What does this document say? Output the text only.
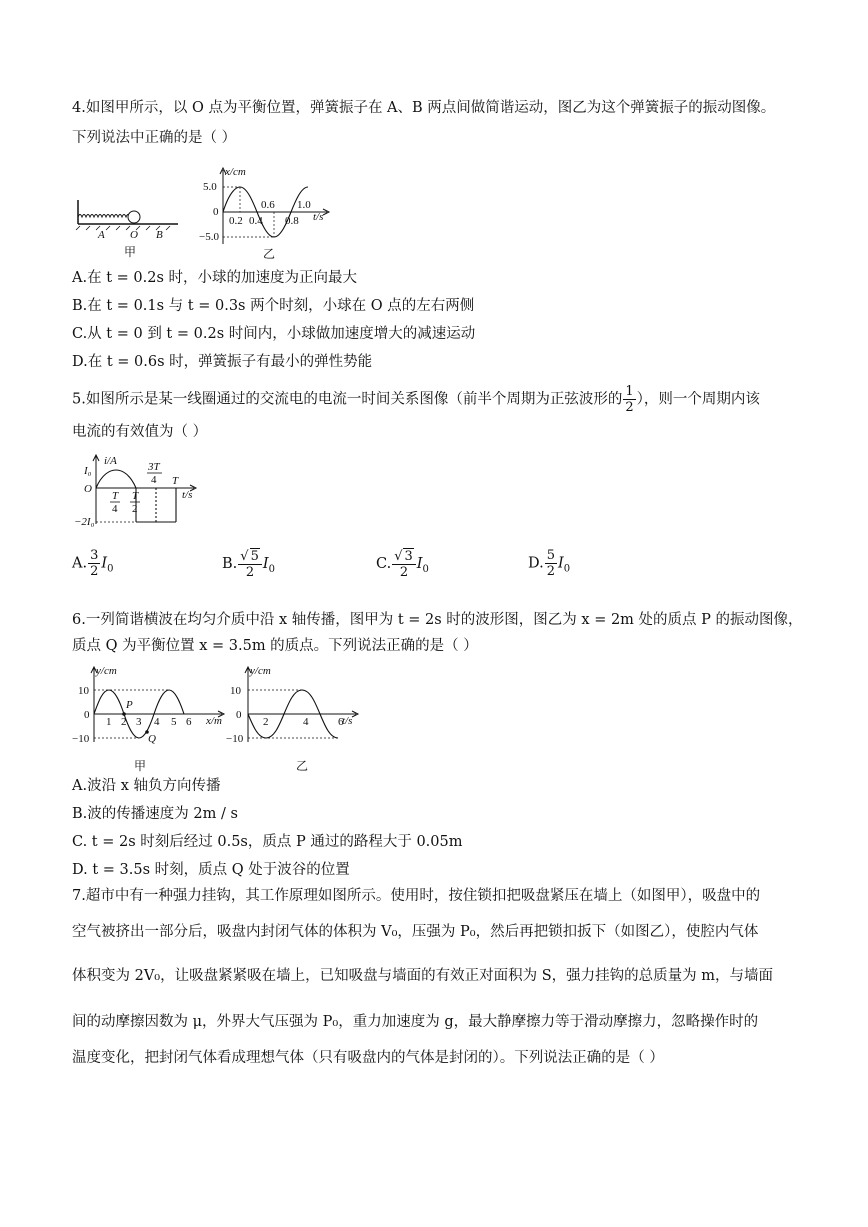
4.如图甲所示，以 O 点为平衡位置，弹簧振子在 A、B 两点间做简谐运动，图乙为这个弹簧振子的振动图像。
下列说法中正确的是（ ）
A O B
甲
x/cm
t/s
5.0
−5.0
0
0.2 0.4 0.8
0.6 1.0
乙
A.在 t = 0.2s 时，小球的加速度为正向最大
B.在 t = 0.1s 与 t = 0.3s 两个时刻，小球在 O 点的左右两侧
C.从 t = 0 到 t = 0.2s 时间内，小球做加速度增大的减速运动
D.在 t = 0.6s 时，弹簧振子有最小的弹性势能
5.如图所示是某一线圈通过的交流电的电流一时间关系图像（前半个周期为正弦波形的 $\frac{1}{2}$ ），则一个周期内该
电流的有效值为（ ）
i/A
t/s
I₀
−2I₀
O
T
4
T
2
3T
4 T
A. $\frac{3}{2} I_0$	B. $\frac{√ 5}{2} I_0$	C. $\frac{√ 3}{2} I_0$	D. $\frac{5}{2} I_0$
6.一列简谐横波在均匀介质中沿 x 轴传播，图甲为 t = 2s 时的波形图，图乙为 x = 2m 处的质点 P 的振动图像，
质点 Q 为平衡位置 x = 3.5m 的质点。下列说法正确的是（ ）
y/cm
x/m
10
−10
0
1 2 3 4 5 6
P
Q
甲
y/cm
t/s
10
−10
0
2	4	6
乙
A.波沿 x 轴负方向传播
B.波的传播速度为 2m / s
C. t = 2s 时刻后经过 0.5s，质点 P 通过的路程大于 0.05m
D. t = 3.5s 时刻，质点 Q 处于波谷的位置
7.超市中有一种强力挂钩，其工作原理如图所示。使用时，按住锁扣把吸盘紧压在墙上（如图甲），吸盘中的
空气被挤出一部分后，吸盘内封闭气体的体积为 V₀，压强为 P₀，然后再把锁扣扳下（如图乙），使腔内气体
体积变为 2V₀，让吸盘紧紧吸在墙上，已知吸盘与墙面的有效正对面积为 S，强力挂钩的总质量为 m，与墙面
间的动摩擦因数为 μ，外界大气压强为 P₀，重力加速度为 g，最大静摩擦力等于滑动摩擦力，忽略操作时的
温度变化，把封闭气体看成理想气体（只有吸盘内的气体是封闭的）。下列说法正确的是（ ）
